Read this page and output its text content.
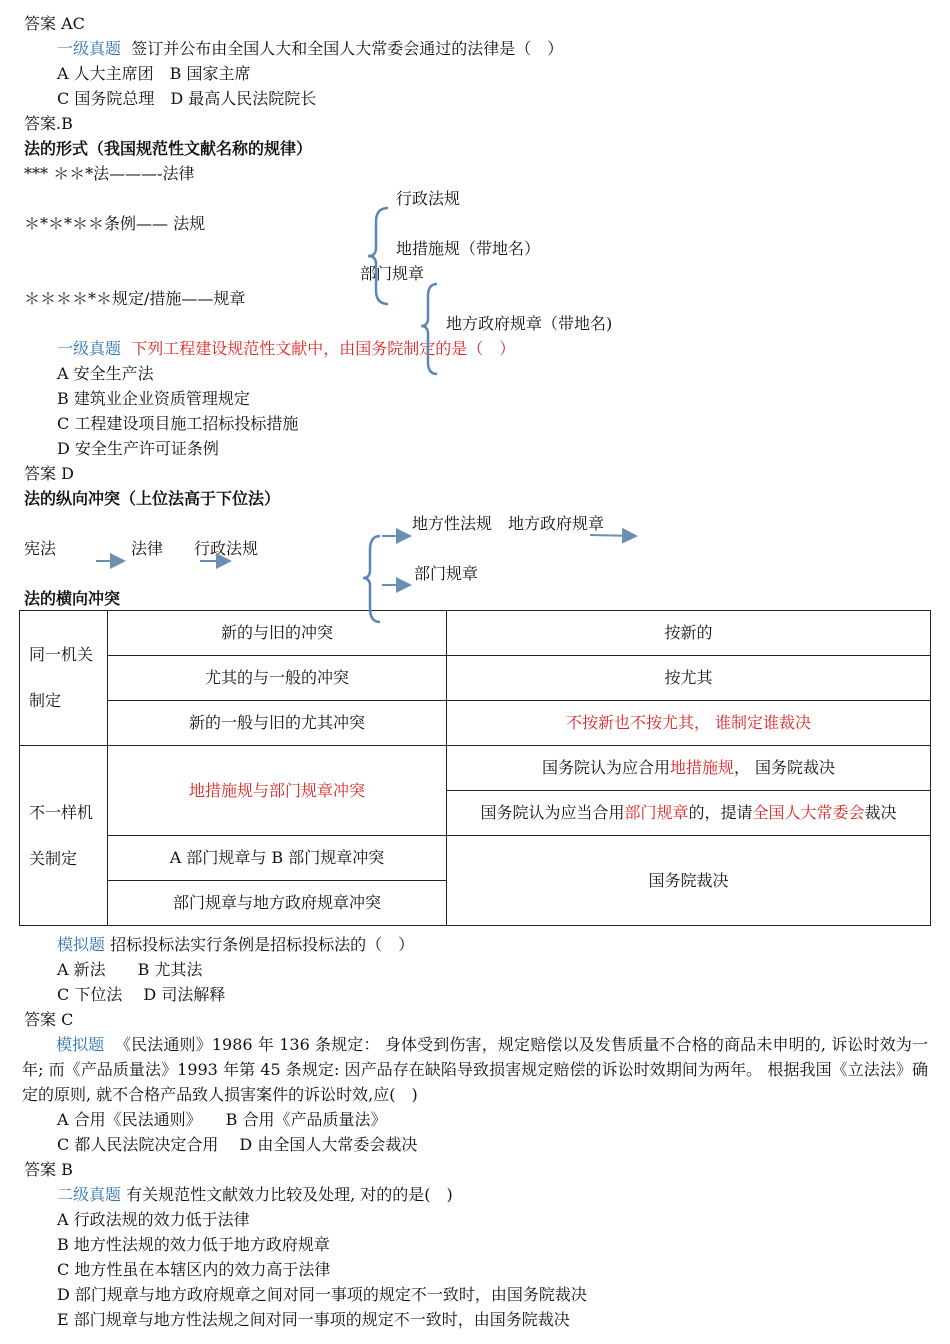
答案 AC
一级真题 签订并公布由全国人大和全国人大常委会通过的法律是（　）
A 人大主席团　B 国家主席
C 国务院总理　D 最高人民法院院长
答案.B
法的形式（我国规范性文献名称的规律）
*** ＊＊*法———-法律
＊*＊*＊＊条例—— 法规
＊＊＊＊*＊规定/措施——规章
行政法规
地措施规（带地名）
部门规章
地方政府规章（带地名)
一级真题 下列工程建设规范性文献中，由国务院制定的是（　）
A 安全生产法
B 建筑业企业资质管理规定
C 工程建设项目施工招标投标措施
D 安全生产许可证条例
答案 D
法的纵向冲突（上位法高于下位法）
宪法	法律 行政法规
地方性法规　地方政府规章
部门规章
法的横向冲突
同一机关制定	新的与旧的冲突	按新的
	尤其的与一般的冲突	按尤其
	新的一般与旧的尤其冲突	不按新也不按尤其， 谁制定谁裁决

不一样机关制定	地措施规与部门规章冲突	国务院认为应合用地措施规， 国务院裁决
		国务院认为应当合用部门规章的，提请全国人大常委会裁决
	A 部门规章与 B 部门规章冲突	国务院裁决
	部门规章与地方政府规章冲突	
模拟题 招标投标法实行条例是招标投标法的（　）
A 新法　　B 尤其法
C 下位法　 D 司法解释
答案 C
模拟题 《民法通则》1986 年 136 条规定： 身体受到伤害，规定赔偿以及发售质量不合格的商品未申明的, 诉讼时效为一年; 而《产品质量法》1993 年第 45 条规定: 因产品存在缺陷导致损害规定赔偿的诉讼时效期间为两年。 根据我国《立法法》确定的原则, 就不合格产品致人损害案件的诉讼时效,应(　)
A 合用《民法通则》　　B 合用《产品质量法》
C 都人民法院决定合用　 D 由全国人大常委会裁决
答案 B
二级真题 有关规范性文献效力比较及处理, 对的的是(　)
A 行政法规的效力低于法律
B 地方性法规的效力低于地方政府规章
C 地方性虽在本辖区内的效力高于法律
D 部门规章与地方政府规章之间对同一事项的规定不一致时，由国务院裁决
E 部门规章与地方性法规之间对同一事项的规定不一致时，由国务院裁决
